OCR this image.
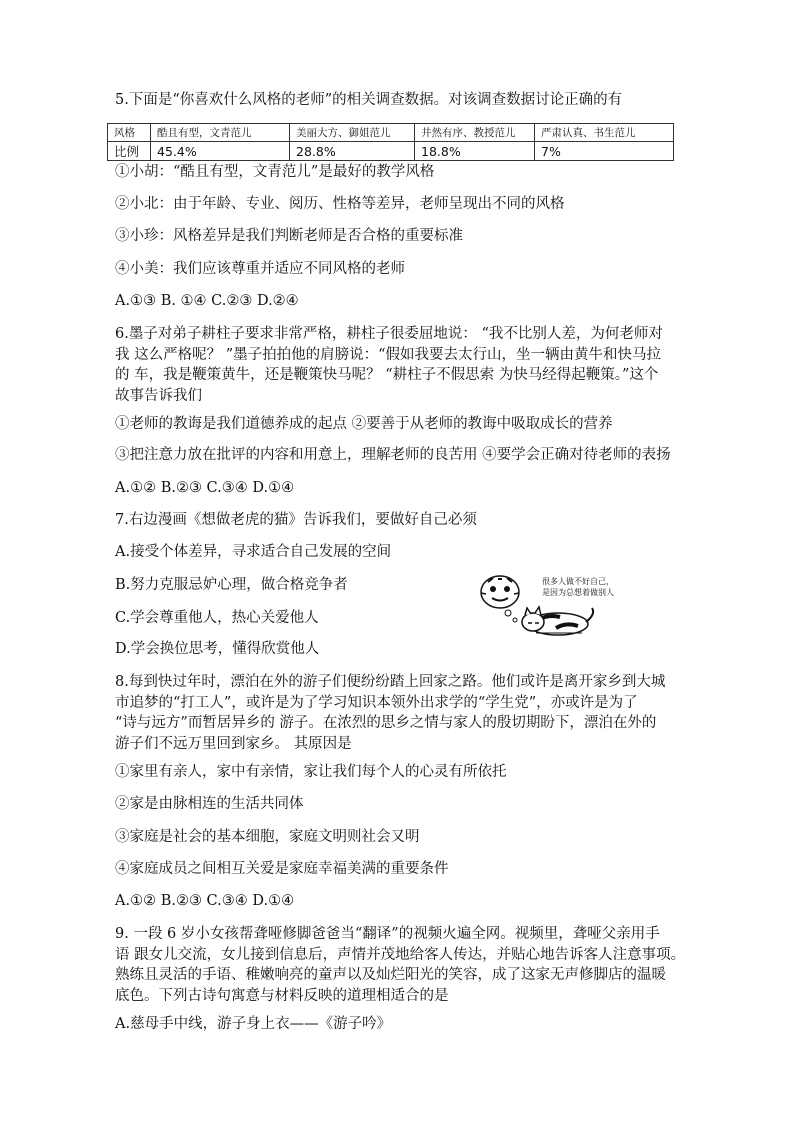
5.下面是“你喜欢什么风格的老师”的相关调查数据。对该调查数据讨论正确的有
风格	酷且有型，文青范儿	美丽大方、御姐范儿	井然有序、教授范儿	严肃认真、书生范儿
比例	45.4%	28.8%	18.8%	7%
①小胡：“酷且有型，文青范儿”是最好的教学风格
②小北：由于年龄、专业、阅历、性格等差异，老师呈现出不同的风格
③小珍：风格差异是我们判断老师是否合格的重要标准
④小美：我们应该尊重并适应不同风格的老师
A.①③ B. ①④ C.②③ D.②④
6.墨子对弟子耕柱子要求非常严格，耕柱子很委屈地说： “我不比别人差，为何老师对
我 这么严格呢？ ”墨子拍拍他的肩膀说：“假如我要去太行山，坐一辆由黄牛和快马拉
的 车，我是鞭策黄牛，还是鞭策快马呢？ “耕柱子不假思索 为快马经得起鞭策。”这个
故事告诉我们
①老师的教诲是我们道德养成的起点 ②要善于从老师的教诲中吸取成长的营养
③把注意力放在批评的内容和用意上，理解老师的良苦用 ④要学会正确对待老师的表扬
A.①② B.②③ C.③④ D.①④
7.右边漫画《想做老虎的猫》告诉我们，要做好自己必须
A.接受个体差异，寻求适合自己发展的空间
B.努力克服忌妒心理，做合格竞争者
C.学会尊重他人，热心关爱他人
D.学会换位思考，懂得欣赏他人
很多人做不好自己，
是因为总想着做别人
8.每到快过年时，漂泊在外的游子们便纷纷踏上回家之路。他们或许是离开家乡到大城
市追梦的“打工人”，或许是为了学习知识本领外出求学的“学生党”，亦或许是为了
“诗与远方”而暂居异乡的 游子。在浓烈的思乡之情与家人的殷切期盼下，漂泊在外的
游子们不远万里回到家乡。 其原因是
①家里有亲人，家中有亲情，家让我们每个人的心灵有所依托
②家是由脉相连的生活共同体
③家庭是社会的基本细胞，家庭文明则社会又明
④家庭成员之间相互关爱是家庭幸福美满的重要条件
A.①② B.②③ C.③④ D.①④
9. 一段 6 岁小女孩帮聋哑修脚爸爸当“翻译”的视频火遍全网。视频里，聋哑父亲用手
语 跟女儿交流，女儿接到信息后，声情并茂地给客人传达，并贴心地告诉客人注意事项。
熟练且灵活的手语、稚嫩响亮的童声以及灿烂阳光的笑容，成了这家无声修脚店的温暖
底色。下列古诗句寓意与材料反映的道理相适合的是
A.慈母手中线，游子身上衣——《游子吟》
